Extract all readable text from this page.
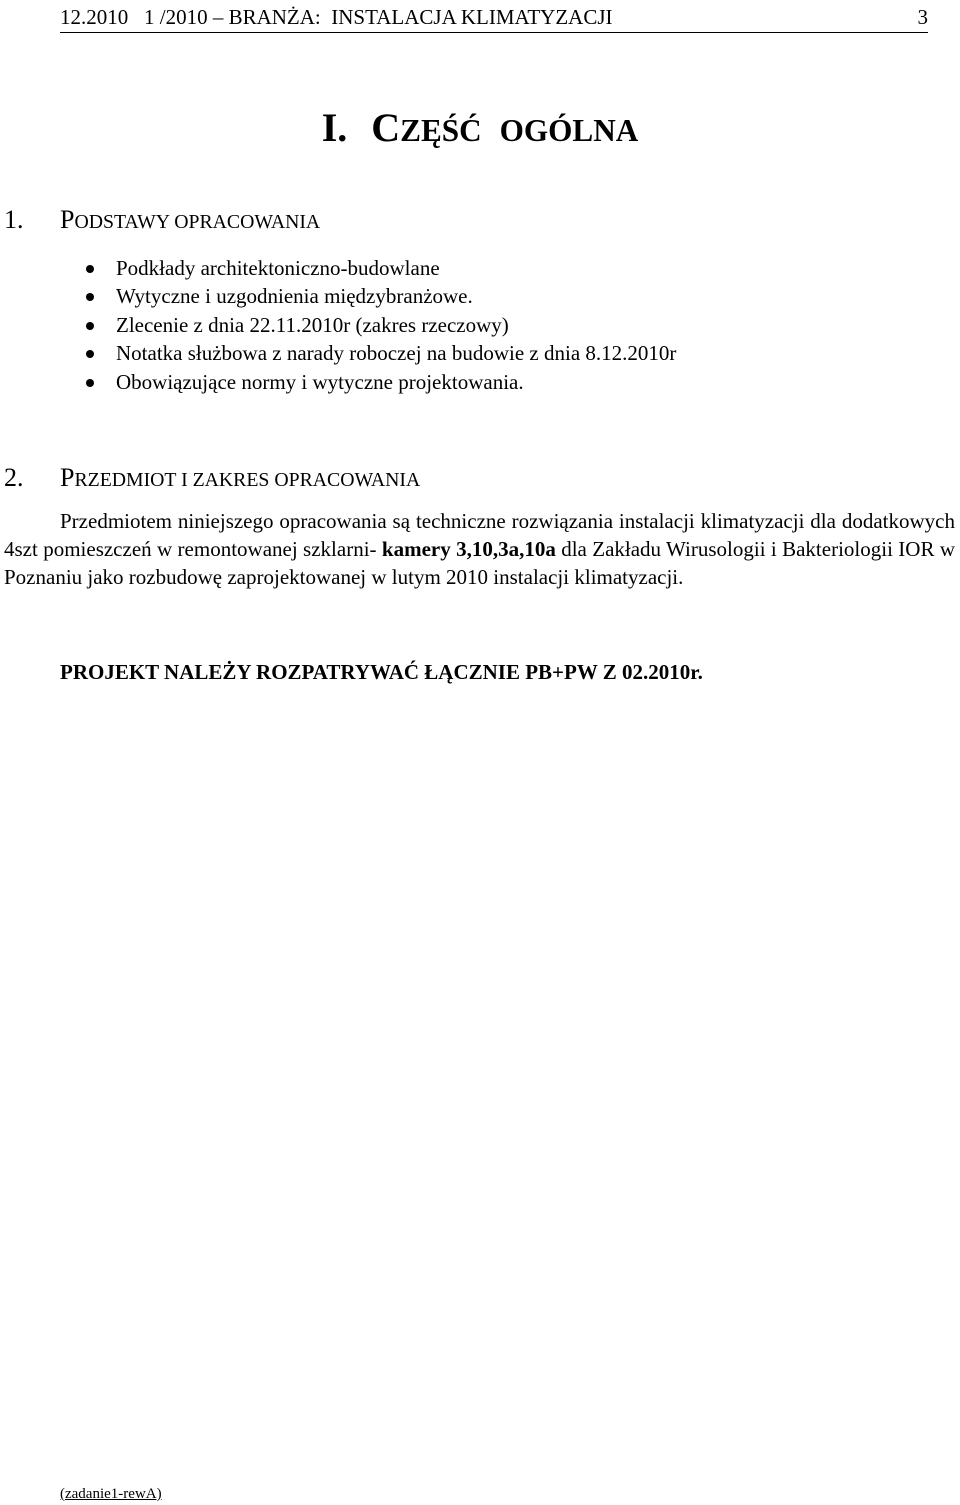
12.2010   1 /2010 – BRANŻA:  INSTALACJA KLIMATYZACJI	3
I. CZĘŚĆ OGÓLNA
1. PODSTAWY OPRACOWANIA
Podkłady architektoniczno-budowlane
Wytyczne i uzgodnienia międzybranżowe.
Zlecenie z dnia 22.11.2010r (zakres rzeczowy)
Notatka służbowa z narady roboczej na budowie z dnia 8.12.2010r
Obowiązujące normy i wytyczne projektowania.
2. PRZEDMIOT I ZAKRES OPRACOWANIA

Przedmiotem niniejszego opracowania są techniczne rozwiązania instalacji klimatyzacji dla dodatkowych 4szt pomieszczeń w remontowanej szklarni- kamery 3,10,3a,10a dla Zakładu Wirusologii i Bakteriologii IOR w Poznaniu jako rozbudowę zaprojektowanej w lutym 2010 instalacji klimatyzacji.

PROJEKT NALEŻY ROZPATRYWAĆ ŁĄCZNIE PB+PW Z 02.2010r.
(zadanie1-rewA)
